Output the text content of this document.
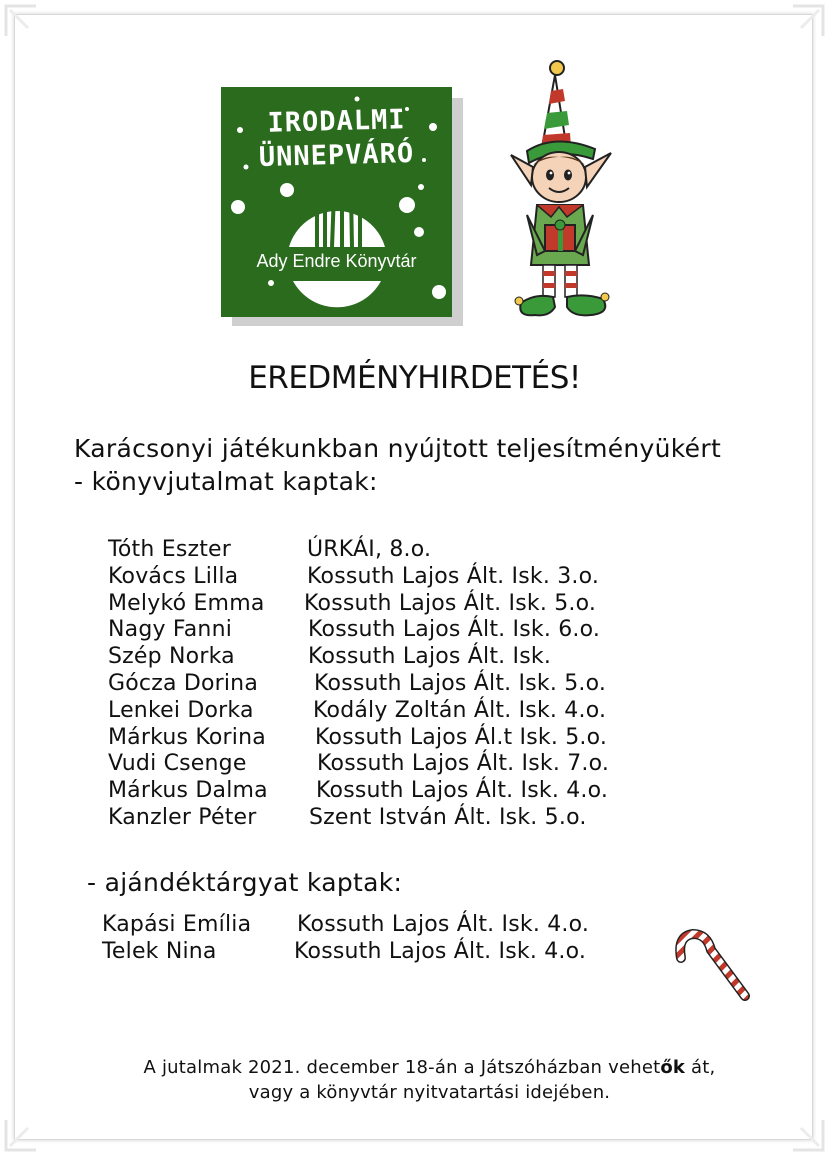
IRODALMI
ÜNNEPVÁRÓ
Ady Endre Könyvtár
EREDMÉNYHIRDETÉS!
Karácsonyi játékunkban nyújtott teljesítményükért
- könyvjutalmat kaptak:
Tóth Eszter	ÚRKÁI, 8.o.
Kovács Lilla	Kossuth Lajos Ált. Isk. 3.o.
Melykó Emma Kossuth Lajos Ált. Isk. 5.o.
Nagy Fanni	Kossuth Lajos Ált. Isk. 6.o.
Szép Norka	Kossuth Lajos Ált. Isk.
Gócza Dorina	Kossuth Lajos Ált. Isk. 5.o.
Lenkei Dorka	Kodály Zoltán Ált. Isk. 4.o.
Márkus Korina Kossuth Lajos Ál.t Isk. 5.o.
Vudi Csenge	Kossuth Lajos Ált. Isk. 7.o.
Márkus Dalma Kossuth Lajos Ált. Isk. 4.o.
Kanzler Péter Szent István Ált. Isk. 5.o.
- ajándéktárgyat kaptak:
Kapási Emília Kossuth Lajos Ált. Isk. 4.o.
Telek Nina	Kossuth Lajos Ált. Isk. 4.o.
A jutalmak 2021. december 18-án a Játszóházban vehetők át,
vagy a könyvtár nyitvatartási idejében.
